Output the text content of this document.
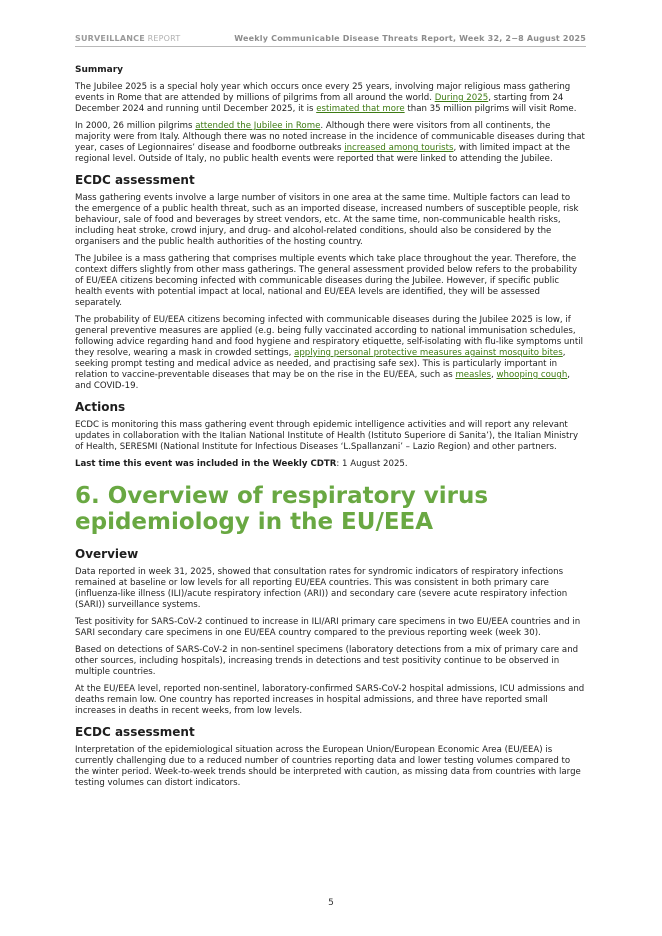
SURVEILLANCE REPORT	Weekly Communicable Disease Threats Report, Week 32, 2−8 August 2025
Summary

The Jubilee 2025 is a special holy year which occurs once every 25 years, involving major religious mass gathering events in Rome that are attended by millions of pilgrims from all around the world. During 2025, starting from 24 December 2024 and running until December 2025, it is estimated that more than 35 million pilgrims will visit Rome.

In 2000, 26 million pilgrims attended the Jubilee in Rome. Although there were visitors from all continents, the majority were from Italy. Although there was no noted increase in the incidence of communicable diseases during that year, cases of Legionnaires’ disease and foodborne outbreaks increased among tourists, with limited impact at the regional level. Outside of Italy, no public health events were reported that were linked to attending the Jubilee.

ECDC assessment

Mass gathering events involve a large number of visitors in one area at the same time. Multiple factors can lead to the emergence of a public health threat, such as an imported disease, increased numbers of susceptible people, risk behaviour, sale of food and beverages by street vendors, etc. At the same time, non-communicable health risks, including heat stroke, crowd injury, and drug- and alcohol-related conditions, should also be considered by the organisers and the public health authorities of the hosting country.

The Jubilee is a mass gathering that comprises multiple events which take place throughout the year. Therefore, the context differs slightly from other mass gatherings. The general assessment provided below refers to the probability of EU/EEA citizens becoming infected with communicable diseases during the Jubilee. However, if specific public health events with potential impact at local, national and EU/EEA levels are identified, they will be assessed separately.

The probability of EU/EEA citizens becoming infected with communicable diseases during the Jubilee 2025 is low, if general preventive measures are applied (e.g. being fully vaccinated according to national immunisation schedules, following advice regarding hand and food hygiene and respiratory etiquette, self-isolating with flu-like symptoms until they resolve, wearing a mask in crowded settings, applying personal protective measures against mosquito bites, seeking prompt testing and medical advice as needed, and practising safe sex). This is particularly important in relation to vaccine-preventable diseases that may be on the rise in the EU/EEA, such as measles, whooping cough, and COVID-19.

Actions

ECDC is monitoring this mass gathering event through epidemic intelligence activities and will report any relevant updates in collaboration with the Italian National Institute of Health (Istituto Superiore di Sanita’), the Italian Ministry of Health, SERESMI (National Institute for Infectious Diseases ‘L.Spallanzani’ – Lazio Region) and other partners.

Last time this event was included in the Weekly CDTR: 1 August 2025.

6. Overview of respiratory virus epidemiology in the EU/EEA
Overview

Data reported in week 31, 2025, showed that consultation rates for syndromic indicators of respiratory infections remained at baseline or low levels for all reporting EU/EEA countries. This was consistent in both primary care (influenza-like illness (ILI)/acute respiratory infection (ARI)) and secondary care (severe acute respiratory infection (SARI)) surveillance systems.

Test positivity for SARS-CoV-2 continued to increase in ILI/ARI primary care specimens in two EU/EEA countries and in SARI secondary care specimens in one EU/EEA country compared to the previous reporting week (week 30).

Based on detections of SARS-CoV-2 in non-sentinel specimens (laboratory detections from a mix of primary care and other sources, including hospitals), increasing trends in detections and test positivity continue to be observed in multiple countries.

At the EU/EEA level, reported non-sentinel, laboratory-confirmed SARS-CoV-2 hospital admissions, ICU admissions and deaths remain low. One country has reported increases in hospital admissions, and three have reported small increases in deaths in recent weeks, from low levels.

ECDC assessment

Interpretation of the epidemiological situation across the European Union/European Economic Area (EU/EEA) is currently challenging due to a reduced number of countries reporting data and lower testing volumes compared to the winter period. Week-to-week trends should be interpreted with caution, as missing data from countries with large testing volumes can distort indicators.

5
